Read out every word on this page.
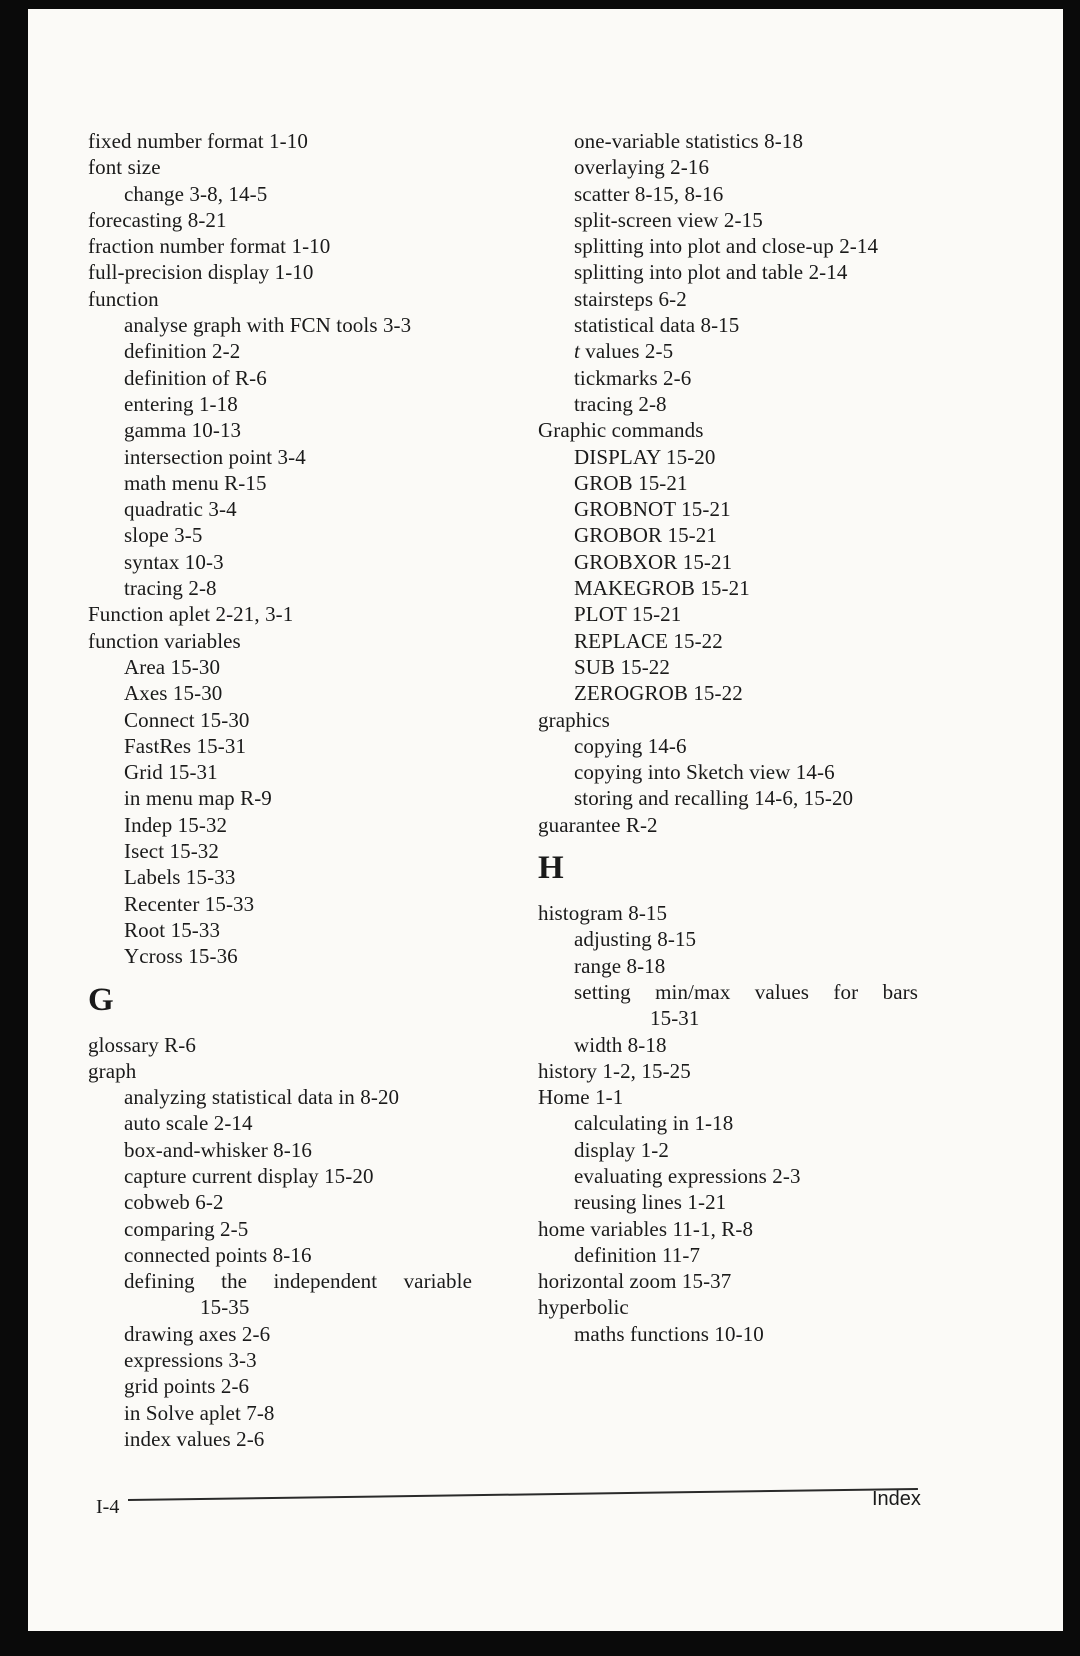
fixed number format 1-10
font size
change 3-8, 14-5
forecasting 8-21
fraction number format 1-10
full-precision display 1-10
function
analyse graph with FCN tools 3-3
definition 2-2
definition of R-6
entering 1-18
gamma 10-13
intersection point 3-4
math menu R-15
quadratic 3-4
slope 3-5
syntax 10-3
tracing 2-8
Function aplet 2-21, 3-1
function variables
Area 15-30
Axes 15-30
Connect 15-30
FastRes 15-31
Grid 15-31
in menu map R-9
Indep 15-32
Isect 15-32
Labels 15-33
Recenter 15-33
Root 15-33
Ycross 15-36
G
glossary R-6
graph
analyzing statistical data in 8-20
auto scale 2-14
box-and-whisker 8-16
capture current display 15-20
cobweb 6-2
comparing 2-5
connected points 8-16
defining the independent variable
15-35
drawing axes 2-6
expressions 3-3
grid points 2-6
in Solve aplet 7-8
index values 2-6
one-variable statistics 8-18
overlaying 2-16
scatter 8-15, 8-16
split-screen view 2-15
splitting into plot and close-up 2-14
splitting into plot and table 2-14
stairsteps 6-2
statistical data 8-15
t values 2-5
tickmarks 2-6
tracing 2-8
Graphic commands
DISPLAY 15-20
GROB 15-21
GROBNOT 15-21
GROBOR 15-21
GROBXOR 15-21
MAKEGROB 15-21
PLOT 15-21
REPLACE 15-22
SUB 15-22
ZEROGROB 15-22
graphics
copying 14-6
copying into Sketch view 14-6
storing and recalling 14-6, 15-20
guarantee R-2
H
histogram 8-15
adjusting 8-15
range 8-18
setting min/max values for bars
15-31
width 8-18
history 1-2, 15-25
Home 1-1
calculating in 1-18
display 1-2
evaluating expressions 2-3
reusing lines 1-21
home variables 11-1, R-8
definition 11-7
horizontal zoom 15-37
hyperbolic
maths functions 10-10
I-4	Index
